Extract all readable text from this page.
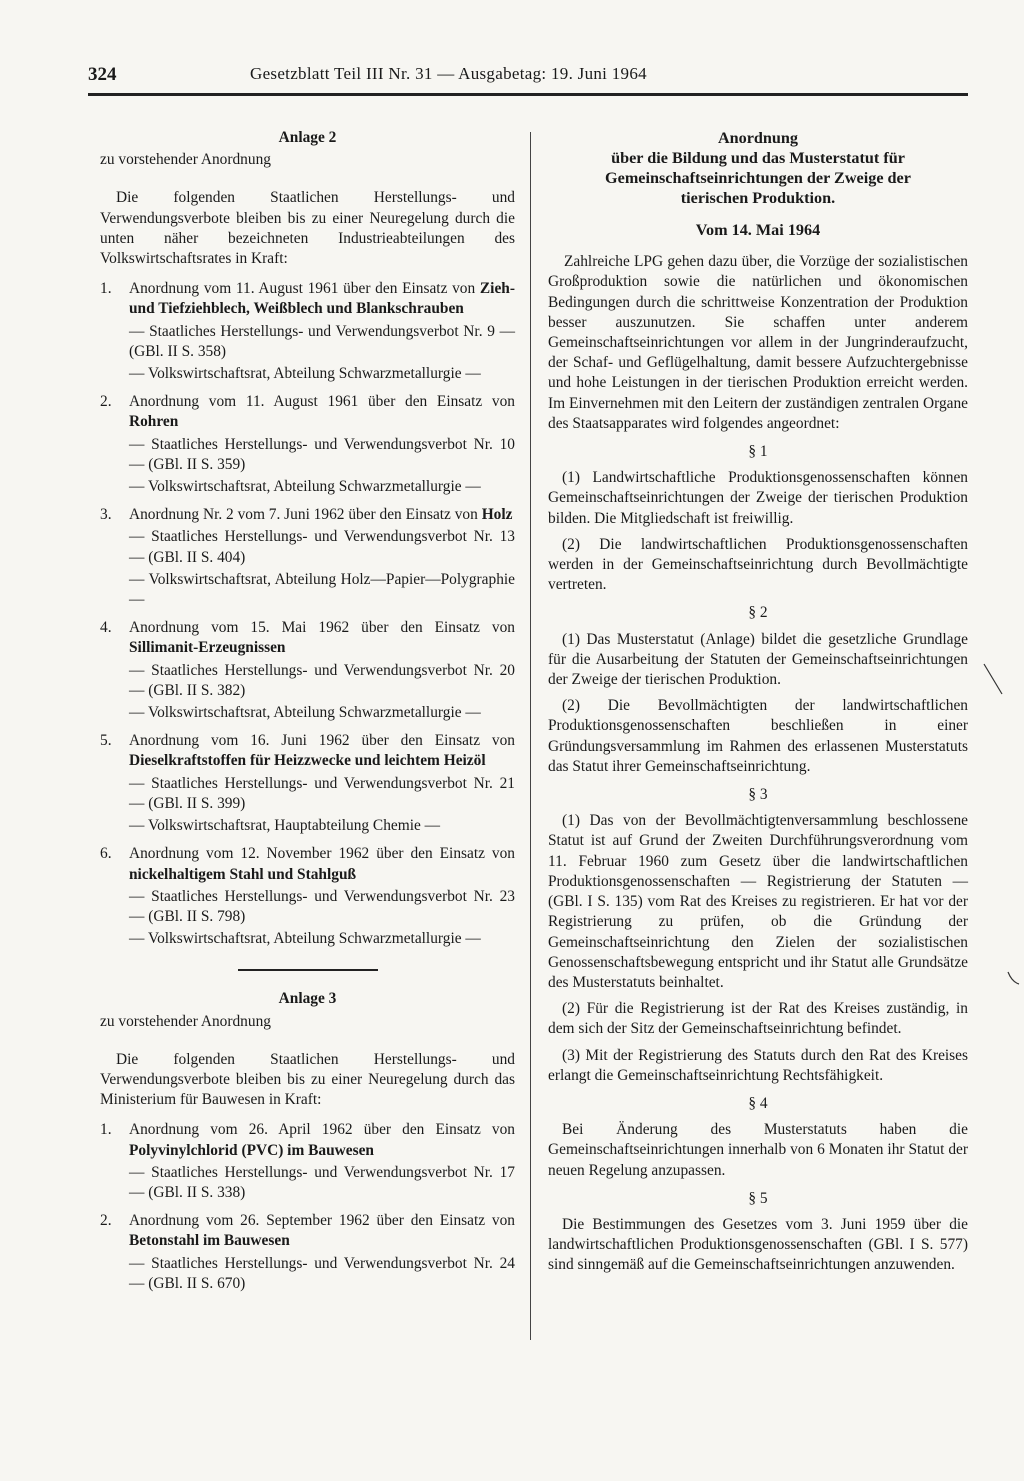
324	Gesetzblatt Teil III Nr. 31 — Ausgabetag: 19. Juni 1964

Anlage 2

zu vorstehender Anordnung

Die folgenden Staatlichen Herstellungs- und Verwendungsverbote bleiben bis zu einer Neuregelung durch die unten näher bezeichneten Industrieabteilungen des Volkswirtschaftsrates in Kraft:

1.	Anordnung vom 11. August 1961 über den Einsatz von Zieh- und Tiefziehblech, Weißblech und Blankschrauben
— Staatliches Herstellungs- und Verwendungsverbot Nr. 9 — (GBl. II S. 358)
— Volkswirtschaftsrat, Abteilung Schwarzmetallurgie —
2.	Anordnung vom 11. August 1961 über den Einsatz von Rohren
— Staatliches Herstellungs- und Verwendungsverbot Nr. 10 — (GBl. II S. 359)
— Volkswirtschaftsrat, Abteilung Schwarzmetallurgie —
3.	Anordnung Nr. 2 vom 7. Juni 1962 über den Einsatz von Holz
— Staatliches Herstellungs- und Verwendungsverbot Nr. 13 — (GBl. II S. 404)
— Volkswirtschaftsrat, Abteilung Holz—Papier—Polygraphie —
4.	Anordnung vom 15. Mai 1962 über den Einsatz von Sillimanit-Erzeugnissen
— Staatliches Herstellungs- und Verwendungsverbot Nr. 20 — (GBl. II S. 382)
— Volkswirtschaftsrat, Abteilung Schwarzmetallurgie —
5.	Anordnung vom 16. Juni 1962 über den Einsatz von Dieselkraftstoffen für Heizzwecke und leichtem Heizöl
— Staatliches Herstellungs- und Verwendungsverbot Nr. 21 — (GBl. II S. 399)
— Volkswirtschaftsrat, Hauptabteilung Chemie —
6.	Anordnung vom 12. November 1962 über den Einsatz von nickelhaltigem Stahl und Stahlguß
— Staatliches Herstellungs- und Verwendungsverbot Nr. 23 — (GBl. II S. 798)
— Volkswirtschaftsrat, Abteilung Schwarzmetallurgie —

Anlage 3

zu vorstehender Anordnung

Die folgenden Staatlichen Herstellungs- und Verwendungsverbote bleiben bis zu einer Neuregelung durch das Ministerium für Bauwesen in Kraft:

1.	Anordnung vom 26. April 1962 über den Einsatz von Polyvinylchlorid (PVC) im Bauwesen
— Staatliches Herstellungs- und Verwendungsverbot Nr. 17 — (GBl. II S. 338)
2.	Anordnung vom 26. September 1962 über den Einsatz von Betonstahl im Bauwesen
— Staatliches Herstellungs- und Verwendungsverbot Nr. 24 — (GBl. II S. 670)

Anordnung

über die Bildung und das Musterstatut für

Gemeinschaftseinrichtungen der Zweige der

tierischen Produktion.

Vom 14. Mai 1964

Zahlreiche LPG gehen dazu über, die Vorzüge der sozialistischen Großproduktion sowie die natürlichen und ökonomischen Bedingungen durch die schrittweise Konzentration der Produktion besser auszunutzen. Sie schaffen unter anderem Gemeinschaftseinrichtungen vor allem in der Jungrinderaufzucht, der Schaf- und Geflügelhaltung, damit bessere Aufzuchtergebnisse und hohe Leistungen in der tierischen Produktion erreicht werden. Im Einvernehmen mit den Leitern der zuständigen zentralen Organe des Staatsapparates wird folgendes angeordnet:

§ 1

(1) Landwirtschaftliche Produktionsgenossenschaften können Gemeinschaftseinrichtungen der Zweige der tierischen Produktion bilden. Die Mitgliedschaft ist freiwillig.

(2) Die landwirtschaftlichen Produktionsgenossenschaften werden in der Gemeinschaftseinrichtung durch Bevollmächtigte vertreten.

§ 2

(1) Das Musterstatut (Anlage) bildet die gesetzliche Grundlage für die Ausarbeitung der Statuten der Gemeinschaftseinrichtungen der Zweige der tierischen Produktion.

(2) Die Bevollmächtigten der landwirtschaftlichen Produktionsgenossenschaften beschließen in einer Gründungsversammlung im Rahmen des erlassenen Musterstatuts das Statut ihrer Gemeinschaftseinrichtung.

§ 3

(1) Das von der Bevollmächtigtenversammlung beschlossene Statut ist auf Grund der Zweiten Durchführungsverordnung vom 11. Februar 1960 zum Gesetz über die landwirtschaftlichen Produktionsgenossenschaften — Registrierung der Statuten — (GBl. I S. 135) vom Rat des Kreises zu registrieren. Er hat vor der Registrierung zu prüfen, ob die Gründung der Gemeinschaftseinrichtung den Zielen der sozialistischen Genossenschaftsbewegung entspricht und ihr Statut alle Grundsätze des Musterstatuts beinhaltet.

(2) Für die Registrierung ist der Rat des Kreises zuständig, in dem sich der Sitz der Gemeinschaftseinrichtung befindet.

(3) Mit der Registrierung des Statuts durch den Rat des Kreises erlangt die Gemeinschaftseinrichtung Rechtsfähigkeit.

§ 4

Bei Änderung des Musterstatuts haben die Gemeinschaftseinrichtungen innerhalb von 6 Monaten ihr Statut der neuen Regelung anzupassen.

§ 5

Die Bestimmungen des Gesetzes vom 3. Juni 1959 über die landwirtschaftlichen Produktionsgenossenschaften (GBl. I S. 577) sind sinngemäß auf die Gemeinschaftseinrichtungen anzuwenden.
